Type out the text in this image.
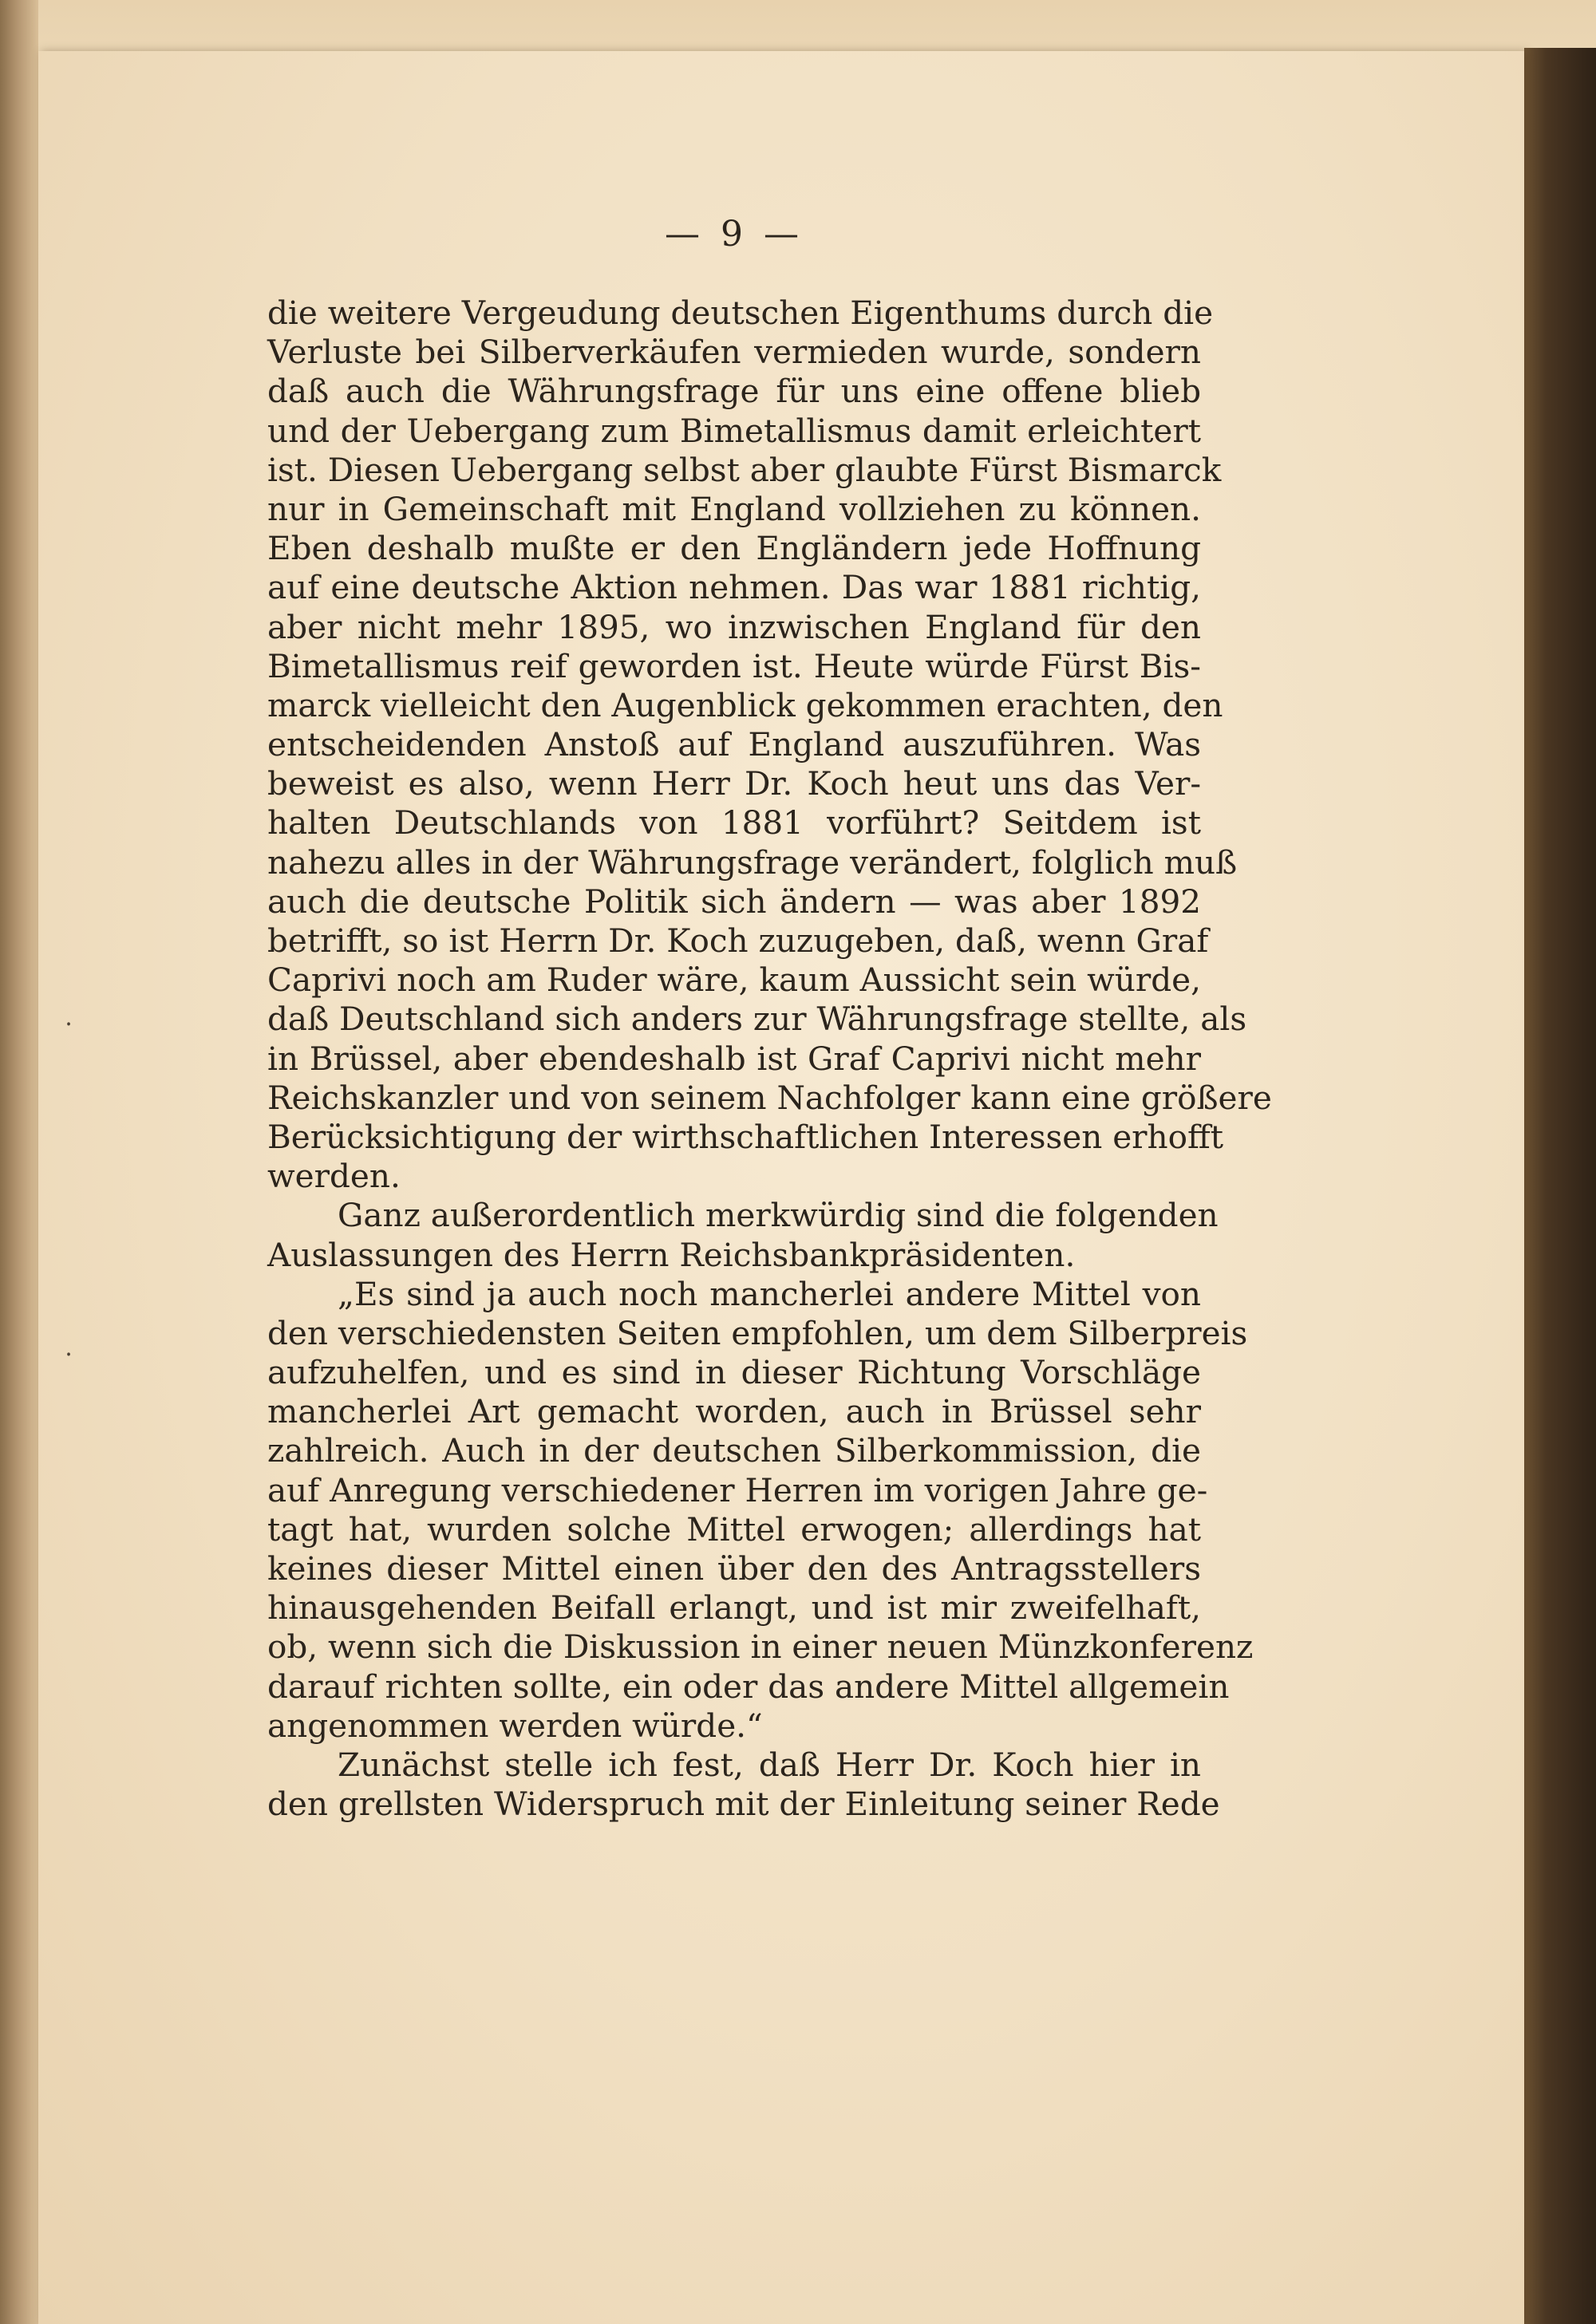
— 9 —
die weitere Vergeudung deutschen Eigenthums durch die
Verluste bei Silberverkäufen vermieden wurde, sondern
daß auch die Währungsfrage für uns eine offene blieb
und der Uebergang zum Bimetallismus damit erleichtert
ist. Diesen Uebergang selbst aber glaubte Fürst Bismarck
nur in Gemeinschaft mit England vollziehen zu können.
Eben deshalb mußte er den Engländern jede Hoffnung
auf eine deutsche Aktion nehmen. Das war 1881 richtig,
aber nicht mehr 1895, wo inzwischen England für den
Bimetallismus reif geworden ist. Heute würde Fürst Bis-
marck vielleicht den Augenblick gekommen erachten, den
entscheidenden Anstoß auf England auszuführen. Was
beweist es also, wenn Herr Dr. Koch heut uns das Ver-
halten Deutschlands von 1881 vorführt? Seitdem ist
nahezu alles in der Währungsfrage verändert, folglich muß
auch die deutsche Politik sich ändern — was aber 1892
betrifft, so ist Herrn Dr. Koch zuzugeben, daß, wenn Graf
Caprivi noch am Ruder wäre, kaum Aussicht sein würde,
daß Deutschland sich anders zur Währungsfrage stellte, als
in Brüssel, aber ebendeshalb ist Graf Caprivi nicht mehr
Reichskanzler und von seinem Nachfolger kann eine größere
Berücksichtigung der wirthschaftlichen Interessen erhofft
werden.
Ganz außerordentlich merkwürdig sind die folgenden
Auslassungen des Herrn Reichsbankpräsidenten.
„Es sind ja auch noch mancherlei andere Mittel von
den verschiedensten Seiten empfohlen, um dem Silberpreis
aufzuhelfen, und es sind in dieser Richtung Vorschläge
mancherlei Art gemacht worden, auch in Brüssel sehr
zahlreich. Auch in der deutschen Silberkommission, die
auf Anregung verschiedener Herren im vorigen Jahre ge-
tagt hat, wurden solche Mittel erwogen; allerdings hat
keines dieser Mittel einen über den des Antragsstellers
hinausgehenden Beifall erlangt, und ist mir zweifelhaft,
ob, wenn sich die Diskussion in einer neuen Münzkonferenz
darauf richten sollte, ein oder das andere Mittel allgemein
angenommen werden würde.“
Zunächst stelle ich fest, daß Herr Dr. Koch hier in
den grellsten Widerspruch mit der Einleitung seiner Rede
⸱
⸱
